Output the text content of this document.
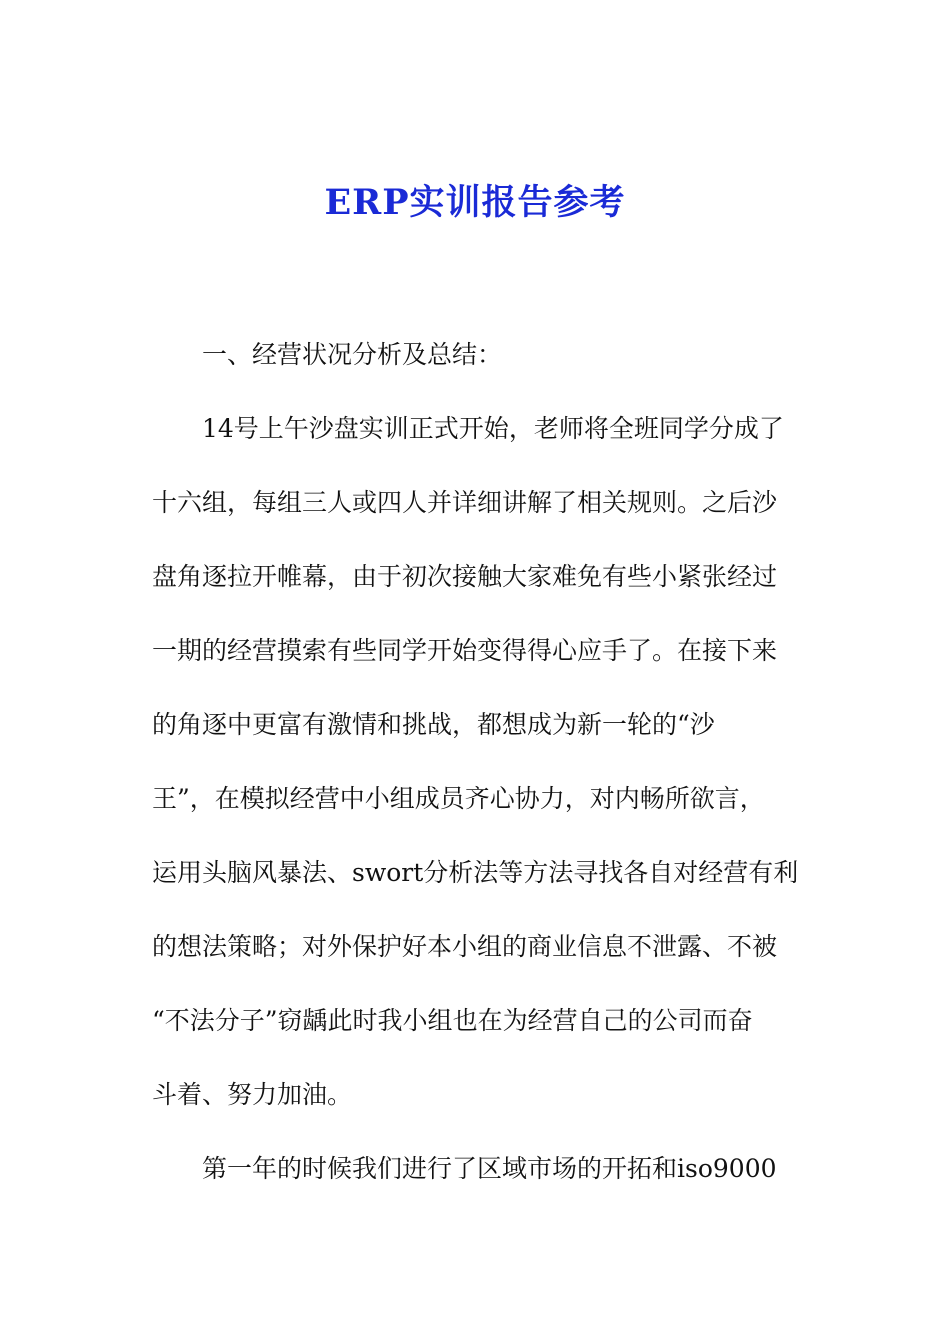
ERP实训报告参考
一、经营状况分析及总结：
14号上午沙盘实训正式开始，老师将全班同学分成了
十六组，每组三人或四人并详细讲解了相关规则。之后沙
盘角逐拉开帷幕，由于初次接触大家难免有些小紧张经过
一期的经营摸索有些同学开始变得得心应手了。在接下来
的角逐中更富有激情和挑战，都想成为新一轮的“沙
王”，在模拟经营中小组成员齐心协力，对内畅所欲言，
运用头脑风暴法、swort分析法等方法寻找各自对经营有利
的想法策略；对外保护好本小组的商业信息不泄露、不被
“不法分子”窃龋此时我小组也在为经营自己的公司而奋
斗着、努力加油。
第一年的时候我们进行了区域市场的开拓和iso9000
